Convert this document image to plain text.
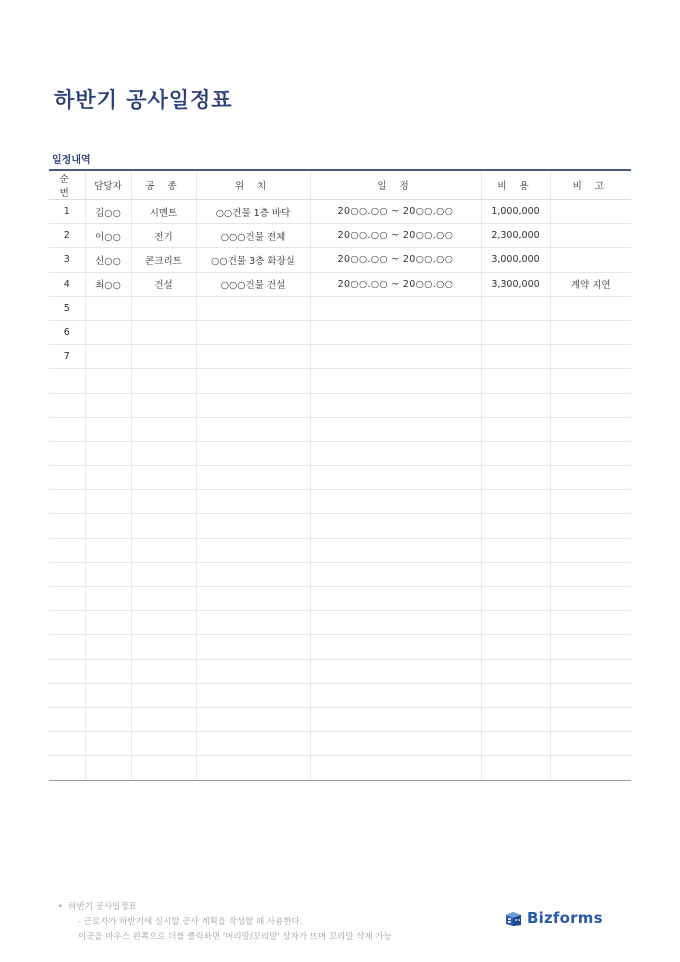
하반기 공사일정표
일정내역
순 번	담당자	공 종	위 치	일 정	비 용	비 고
1	김○○	시멘트	○○건물 1층 바닥	20○○.○○ ~ 20○○.○○	1,000,000	
2	이○○	전기	○○○건물 전체	20○○.○○ ~ 20○○.○○	2,300,000	
3	신○○	콘크리트	○○건물 3층 화장실	20○○.○○ ~ 20○○.○○	3,000,000	
4	최○○	건설	○○○건물 건설	20○○.○○ ~ 20○○.○○	3,300,000	계약 지연
5						
6						
7						

• 하반기 공사일정표
- 근로자가 하반기에 실시할 공사 계획을 작성할 때 사용한다.
이곳을 마우스 왼쪽으로 더블 클릭하면 '머리말/꼬리말' 상자가 뜨며 꼬리말 삭제 가능
Bizforms
